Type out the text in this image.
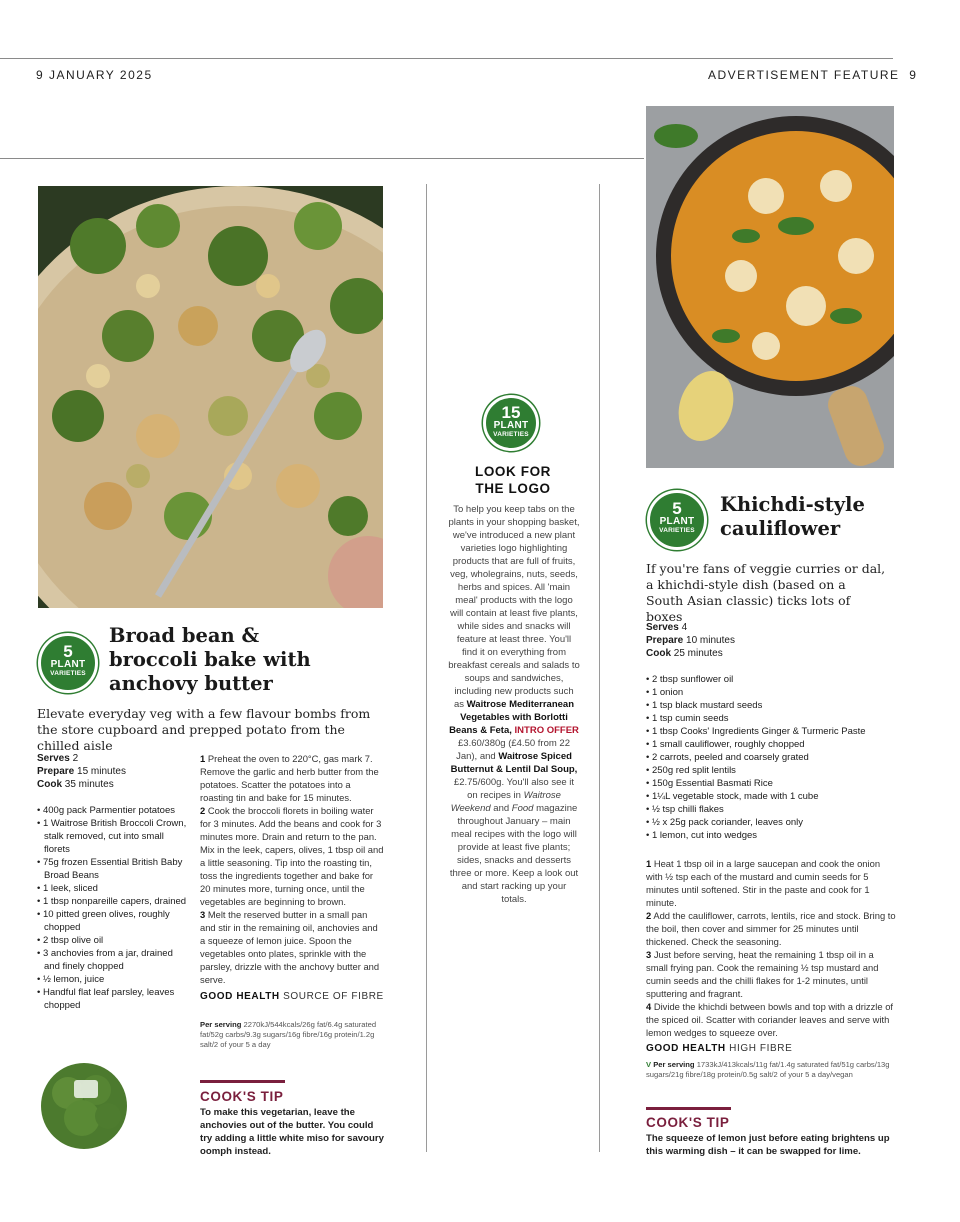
9 JANUARY 2025	ADVERTISEMENT FEATURE 9
5
PLANT
VARIETIES
Broad bean &
broccoli bake with
anchovy butter
Elevate everyday veg with a few flavour bombs from the store cupboard and prepped potato from the chilled aisle
Serves 2
Prepare 15 minutes
Cook 35 minutes
• 400g pack Parmentier potatoes
• 1 Waitrose British Broccoli Crown, stalk removed, cut into small florets
• 75g frozen Essential British Baby Broad Beans
• 1 leek, sliced
• 1 tbsp nonpareille capers, drained
• 10 pitted green olives, roughly chopped
• 2 tbsp olive oil
• 3 anchovies from a jar, drained and finely chopped
• ½ lemon, juice
• Handful flat leaf parsley, leaves chopped

1 Preheat the oven to 220°C, gas mark 7. Remove the garlic and herb butter from the potatoes. Scatter the potatoes into a roasting tin and bake for 15 minutes.

2 Cook the broccoli florets in boiling water for 3 minutes. Add the beans and cook for 3 minutes more. Drain and return to the pan. Mix in the leek, capers, olives, 1 tbsp oil and a little seasoning. Tip into the roasting tin, toss the ingredients together and bake for 20 minutes more, turning once, until the vegetables are beginning to brown.

3 Melt the reserved butter in a small pan and stir in the remaining oil, anchovies and a squeeze of lemon juice. Spoon the vegetables onto plates, sprinkle with the parsley, drizzle with the anchovy butter and serve.

GOOD HEALTH SOURCE OF FIBRE
Per serving 2270kJ/544kcals/26g fat/6.4g saturated fat/52g carbs/9.3g sugars/16g fibre/16g protein/1.2g salt/2 of your 5 a day
COOK'S TIP
To make this vegetarian, leave the anchovies out of the butter. You could try adding a little white miso for savoury oomph instead.
15
PLANT
VARIETIES
LOOK FOR
THE LOGO
To help you keep tabs on the plants in your shopping basket, we've introduced a new plant varieties logo highlighting products that are full of fruits, veg, wholegrains, nuts, seeds, herbs and spices. All 'main meal' products with the logo will contain at least five plants, while sides and snacks will feature at least three. You'll find it on everything from breakfast cereals and salads to soups and sandwiches, including new products such as Waitrose Mediterranean Vegetables with Borlotti Beans & Feta, INTRO OFFER £3.60/380g (£4.50 from 22 Jan), and Waitrose Spiced Butternut & Lentil Dal Soup, £2.75/600g. You'll also see it on recipes in Waitrose Weekend and Food magazine throughout January – main meal recipes with the logo will provide at least five plants; sides, snacks and desserts three or more. Keep a look out and start racking up your totals.
5
PLANT
VARIETIES
Khichdi-style
cauliflower
If you're fans of veggie curries or dal, a khichdi-style dish (based on a South Asian classic) ticks lots of boxes
Serves 4
Prepare 10 minutes
Cook 25 minutes
• 2 tbsp sunflower oil
• 1 onion
• 1 tsp black mustard seeds
• 1 tsp cumin seeds
• 1 tbsp Cooks' Ingredients Ginger & Turmeric Paste
• 1 small cauliflower, roughly chopped
• 2 carrots, peeled and coarsely grated
• 250g red split lentils
• 150g Essential Basmati Rice
• 1¼L vegetable stock, made with 1 cube
• ½ tsp chilli flakes
• ½ x 25g pack coriander, leaves only
• 1 lemon, cut into wedges

1 Heat 1 tbsp oil in a large saucepan and cook the onion with ½ tsp each of the mustard and cumin seeds for 5 minutes until softened. Stir in the paste and cook for 1 minute.

2 Add the cauliflower, carrots, lentils, rice and stock. Bring to the boil, then cover and simmer for 25 minutes until thickened. Check the seasoning.

3 Just before serving, heat the remaining 1 tbsp oil in a small frying pan. Cook the remaining ½ tsp mustard and cumin seeds and the chilli flakes for 1-2 minutes, until sputtering and fragrant.

4 Divide the khichdi between bowls and top with a drizzle of the spiced oil. Scatter with coriander leaves and serve with lemon wedges to squeeze over.

GOOD HEALTH HIGH FIBRE
V Per serving 1733kJ/413kcals/11g fat/1.4g saturated fat/51g carbs/13g sugars/21g fibre/18g protein/0.5g salt/2 of your 5 a day/vegan
COOK'S TIP
The squeeze of lemon just before eating brightens up this warming dish – it can be swapped for lime.
